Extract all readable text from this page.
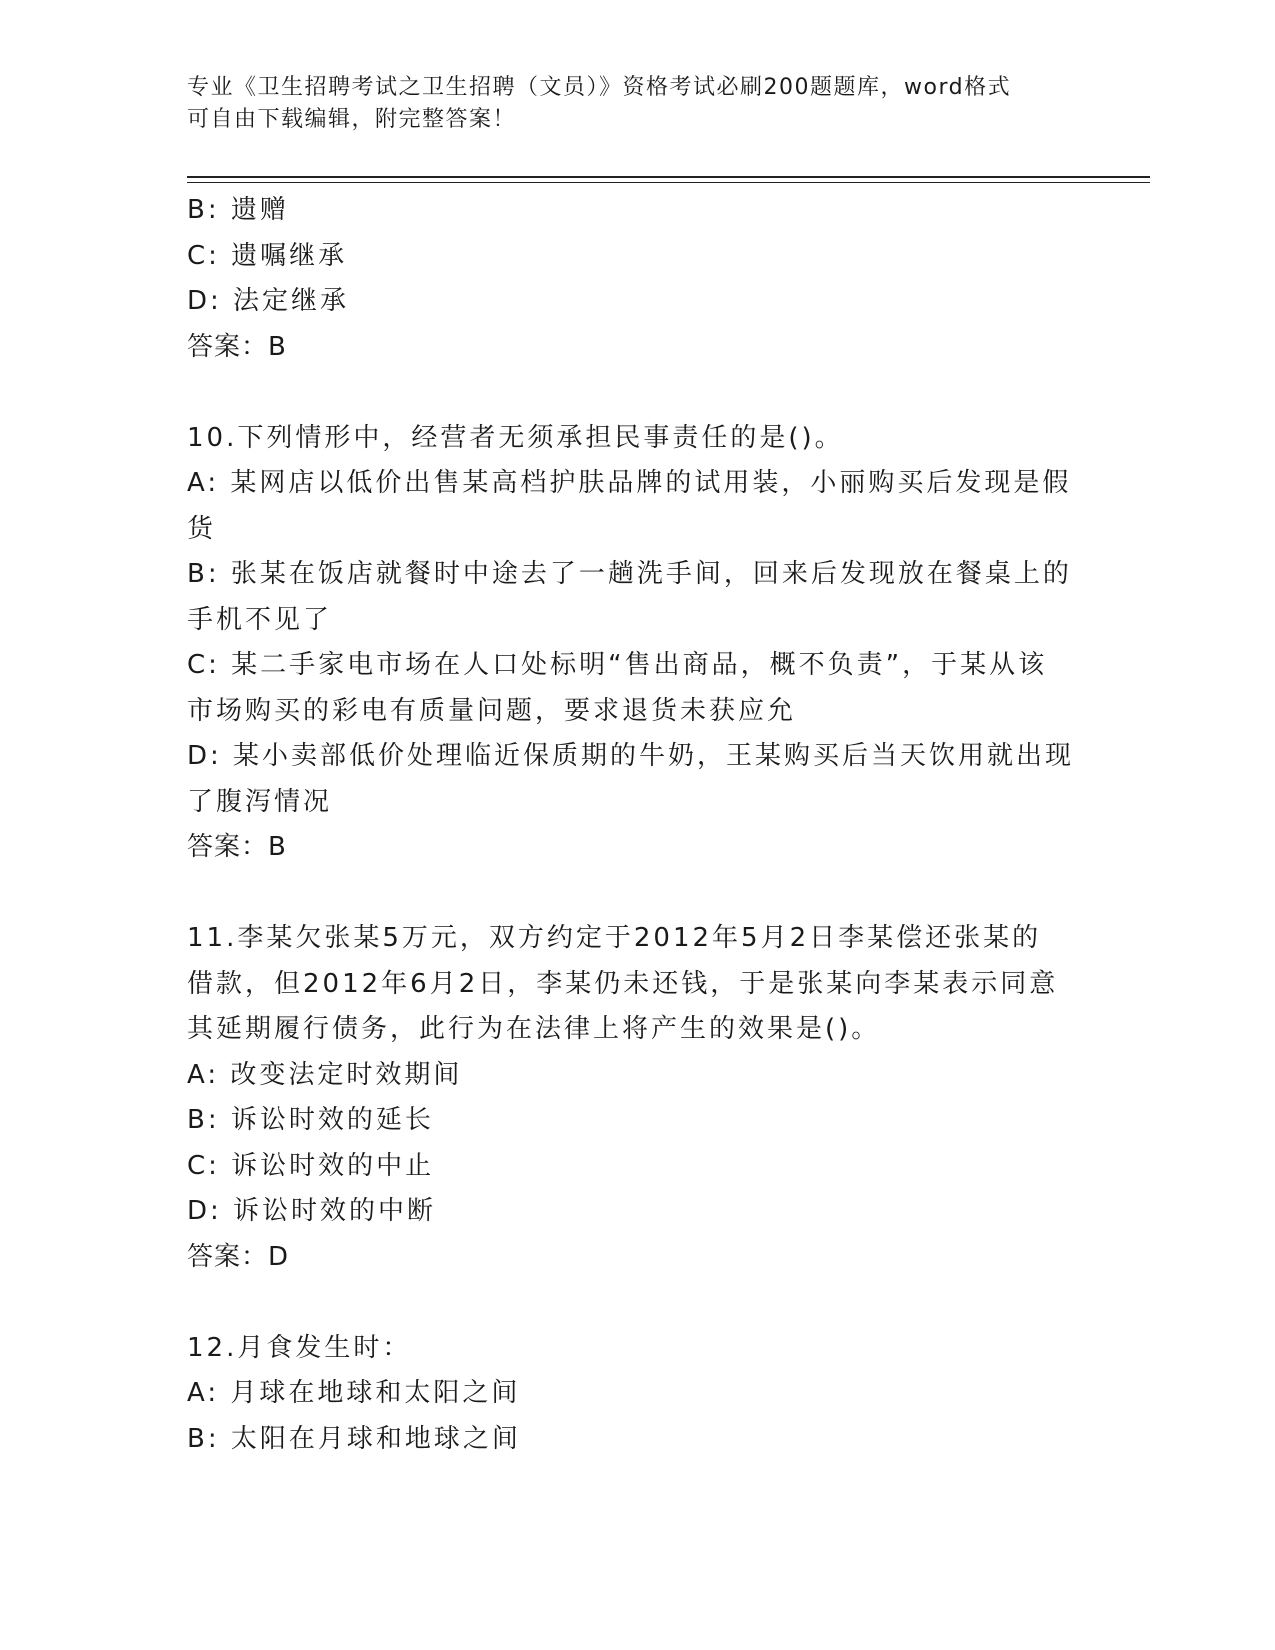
专业《卫生招聘考试之卫生招聘（文员）》资格考试必刷200题题库，word格式
可自由下载编辑，附完整答案！
B: 遗赠
C: 遗嘱继承
D: 法定继承
答案：B
10.下列情形中，经营者无须承担民事责任的是()。
A: 某网店以低价出售某高档护肤品牌的试用装，小丽购买后发现是假
货
B: 张某在饭店就餐时中途去了一趟洗手间，回来后发现放在餐桌上的
手机不见了
C: 某二手家电市场在人口处标明“售出商品，概不负责”，于某从该
市场购买的彩电有质量问题，要求退货未获应允
D: 某小卖部低价处理临近保质期的牛奶，王某购买后当天饮用就出现
了腹泻情况
答案：B
11.李某欠张某5万元，双方约定于2012年5月2日李某偿还张某的
借款，但2012年6月2日，李某仍未还钱，于是张某向李某表示同意
其延期履行债务，此行为在法律上将产生的效果是()。
A: 改变法定时效期间
B: 诉讼时效的延长
C: 诉讼时效的中止
D: 诉讼时效的中断
答案：D
12.月食发生时：
A: 月球在地球和太阳之间
B: 太阳在月球和地球之间
